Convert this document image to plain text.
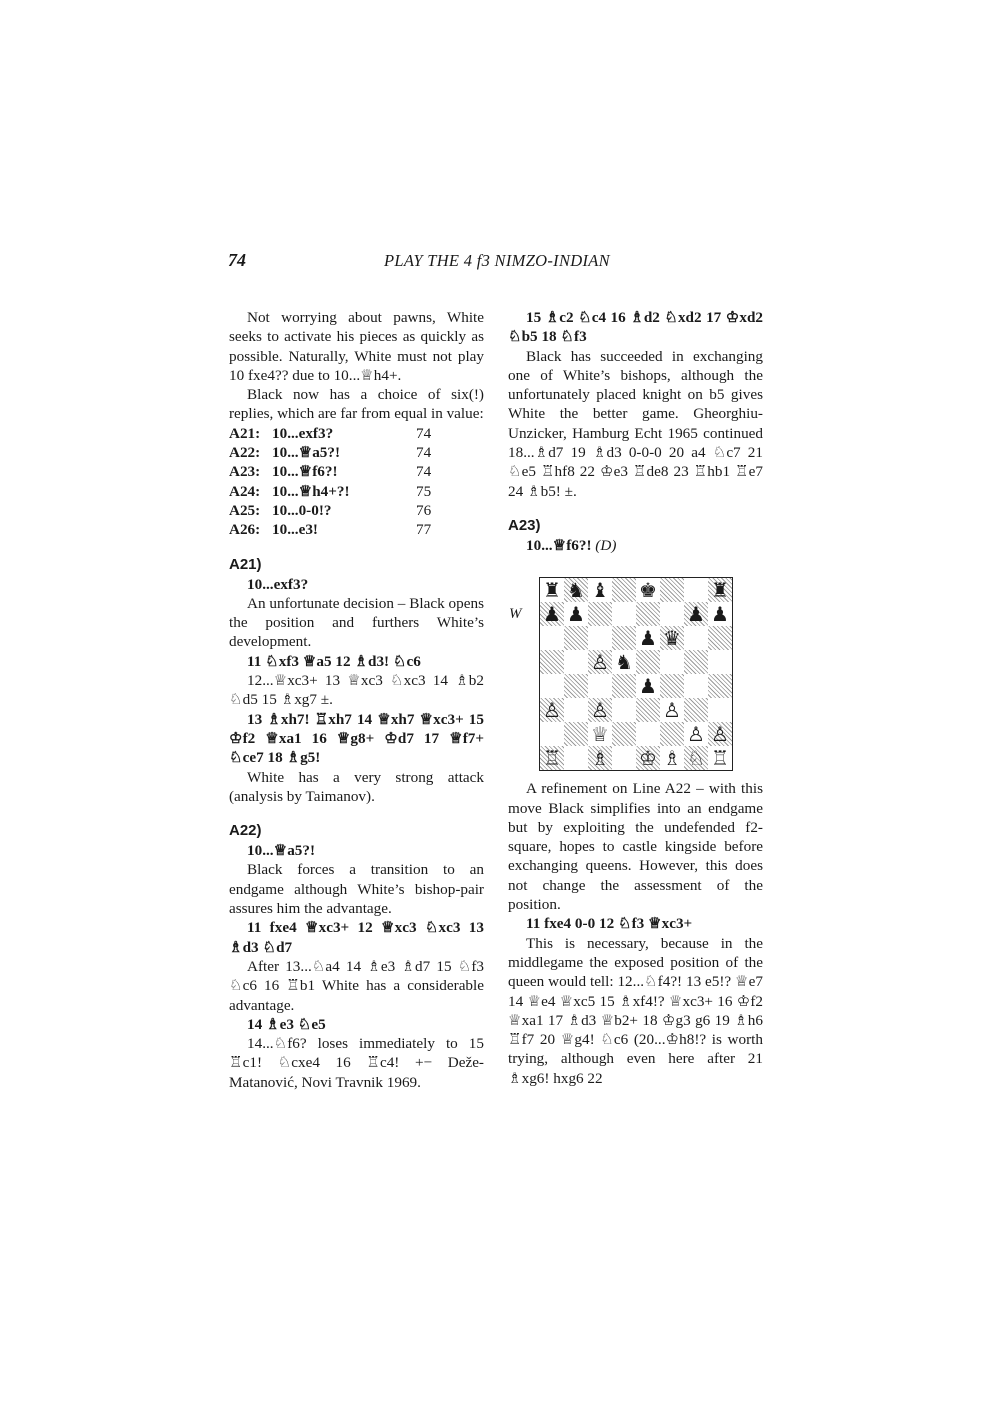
74	PLAY THE 4 f3 NIMZO-INDIAN

Not worrying about pawns, White seeks to activate his pieces as quickly as possible. Naturally, White must not play 10 fxe4?? due to 10...♕h4+.

Black now has a choice of six(!) replies, which are far from equal in value:

A21:	10...exf3?	74
A22:	10...♕a5?!	74
A23:	10...♕f6?!	74
A24:	10...♕h4+?!	75
A25:	10...0-0!?	76
A26:	10...e3!	77

A21)

10...exf3?

An unfortunate decision – Black opens the position and furthers White’s development.

11 ♘xf3 ♕a5 12 ♗d3! ♘c6

12...♕xc3+ 13 ♕xc3 ♘xc3 14 ♗b2 ♘d5 15 ♗xg7 ±.

13 ♗xh7! ♖xh7 14 ♕xh7 ♕xc3+ 15 ♔f2 ♕xa1 16 ♕g8+ ♔d7 17 ♕f7+ ♘ce7 18 ♗g5!

White has a very strong attack (analysis by Taimanov).

A22)

10...♕a5?!

Black forces a transition to an endgame although White’s bishop-pair assures him the advantage.

11 fxe4 ♕xc3+ 12 ♕xc3 ♘xc3 13 ♗d3 ♘d7

After 13...♘a4 14 ♗e3 ♗d7 15 ♘f3 ♘c6 16 ♖b1 White has a considerable advantage.

14 ♗e3 ♘e5

14...♘f6? loses immediately to 15 ♖c1! ♘cxe4 16 ♖c4! +− Deže-Matanović, Novi Travnik 1969.

15 ♗c2 ♘c4 16 ♗d2 ♘xd2 17 ♔xd2 ♘b5 18 ♘f3

Black has succeeded in exchanging one of White’s bishops, although the unfortunately placed knight on b5 gives White the better game. Gheorghiu-Unzicker, Hamburg Echt 1965 continued 18...♗d7 19 ♗d3 0-0-0 20 a4 ♘c7 21 ♘e5 ♖hf8 22 ♔e3 ♖de8 23 ♖hb1 ♖e7 24 ♗b5! ±.

A23)

10...♕f6?! (D)

W
♜ ♞ ♝ ♚	♜
♟ ♟	♟ ♟
♟ ♛
♙ ♞
♟
♙ ♙	♙
♕	♙ ♙
♖ ♗ ♔ ♗ ♘ ♖

A refinement on Line A22 – with this move Black simplifies into an endgame but by exploiting the undefended f2-square, hopes to castle kingside before exchanging queens. However, this does not change the assessment of the position.

11 fxe4 0-0 12 ♘f3 ♕xc3+

This is necessary, because in the middlegame the exposed position of the queen would tell: 12...♘f4?! 13 e5!? ♕e7 14 ♕e4 ♕xc5 15 ♗xf4!? ♕xc3+ 16 ♔f2 ♕xa1 17 ♗d3 ♕b2+ 18 ♔g3 g6 19 ♗h6 ♖f7 20 ♕g4! ♘c6 (20...♔h8!? is worth trying, although even here after 21 ♗xg6! hxg6 22
